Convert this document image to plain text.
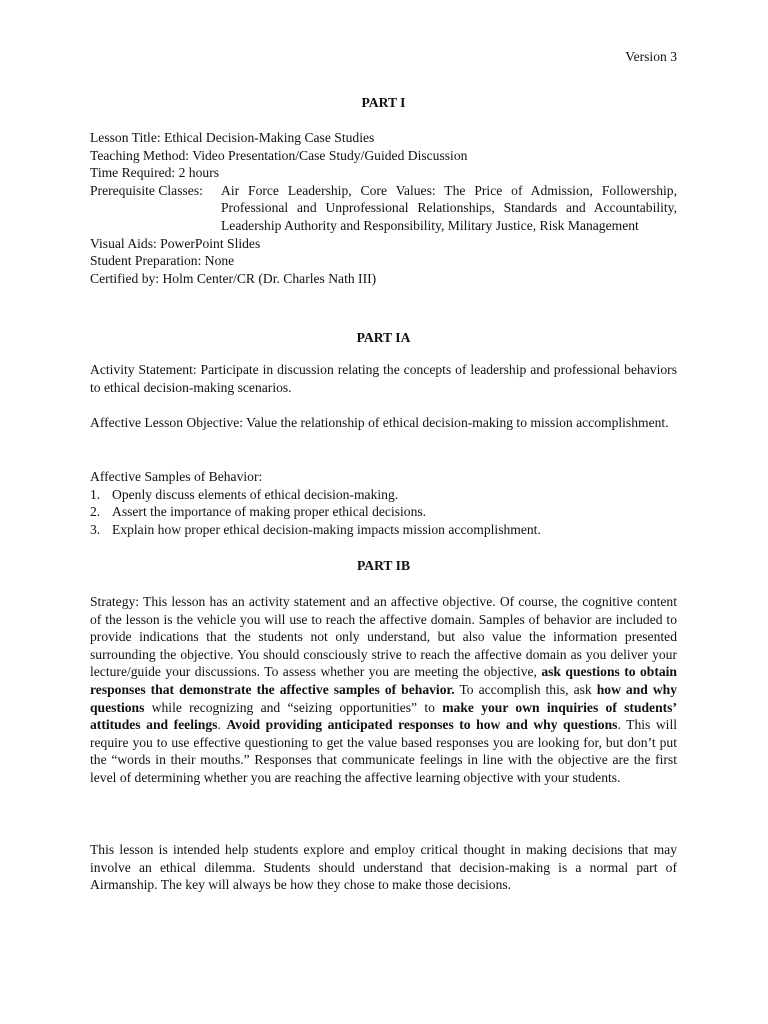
Version 3
PART I
Lesson Title: Ethical Decision-Making Case Studies
Teaching Method: Video Presentation/Case Study/Guided Discussion
Time Required: 2 hours
Prerequisite Classes:	Air Force Leadership, Core Values: The Price of Admission, Followership, Professional and Unprofessional Relationships, Standards and Accountability, Leadership Authority and Responsibility, Military Justice, Risk Management
Visual Aids: PowerPoint Slides
Student Preparation: None
Certified by: Holm Center/CR (Dr. Charles Nath III)
PART IA

Activity Statement: Participate in discussion relating the concepts of leadership and professional behaviors to ethical decision-making scenarios.

Affective Lesson Objective: Value the relationship of ethical decision-making to mission accomplishment.

Affective Samples of Behavior:
1. Openly discuss elements of ethical decision-making.
2. Assert the importance of making proper ethical decisions.
3. Explain how proper ethical decision-making impacts mission accomplishment.
PART IB

Strategy: This lesson has an activity statement and an affective objective. Of course, the cognitive content of the lesson is the vehicle you will use to reach the affective domain. Samples of behavior are included to provide indications that the students not only understand, but also value the information presented surrounding the objective. You should consciously strive to reach the affective domain as you deliver your lecture/guide your discussions. To assess whether you are meeting the objective, ask questions to obtain responses that demonstrate the affective samples of behavior. To accomplish this, ask how and why questions while recognizing and “seizing opportunities” to make your own inquiries of students’ attitudes and feelings. Avoid providing anticipated responses to how and why questions. This will require you to use effective questioning to get the value based responses you are looking for, but don’t put the “words in their mouths.” Responses that communicate feelings in line with the objective are the first level of determining whether you are reaching the affective learning objective with your students.

This lesson is intended help students explore and employ critical thought in making decisions that may involve an ethical dilemma. Students should understand that decision-making is a normal part of Airmanship. The key will always be how they chose to make those decisions.
